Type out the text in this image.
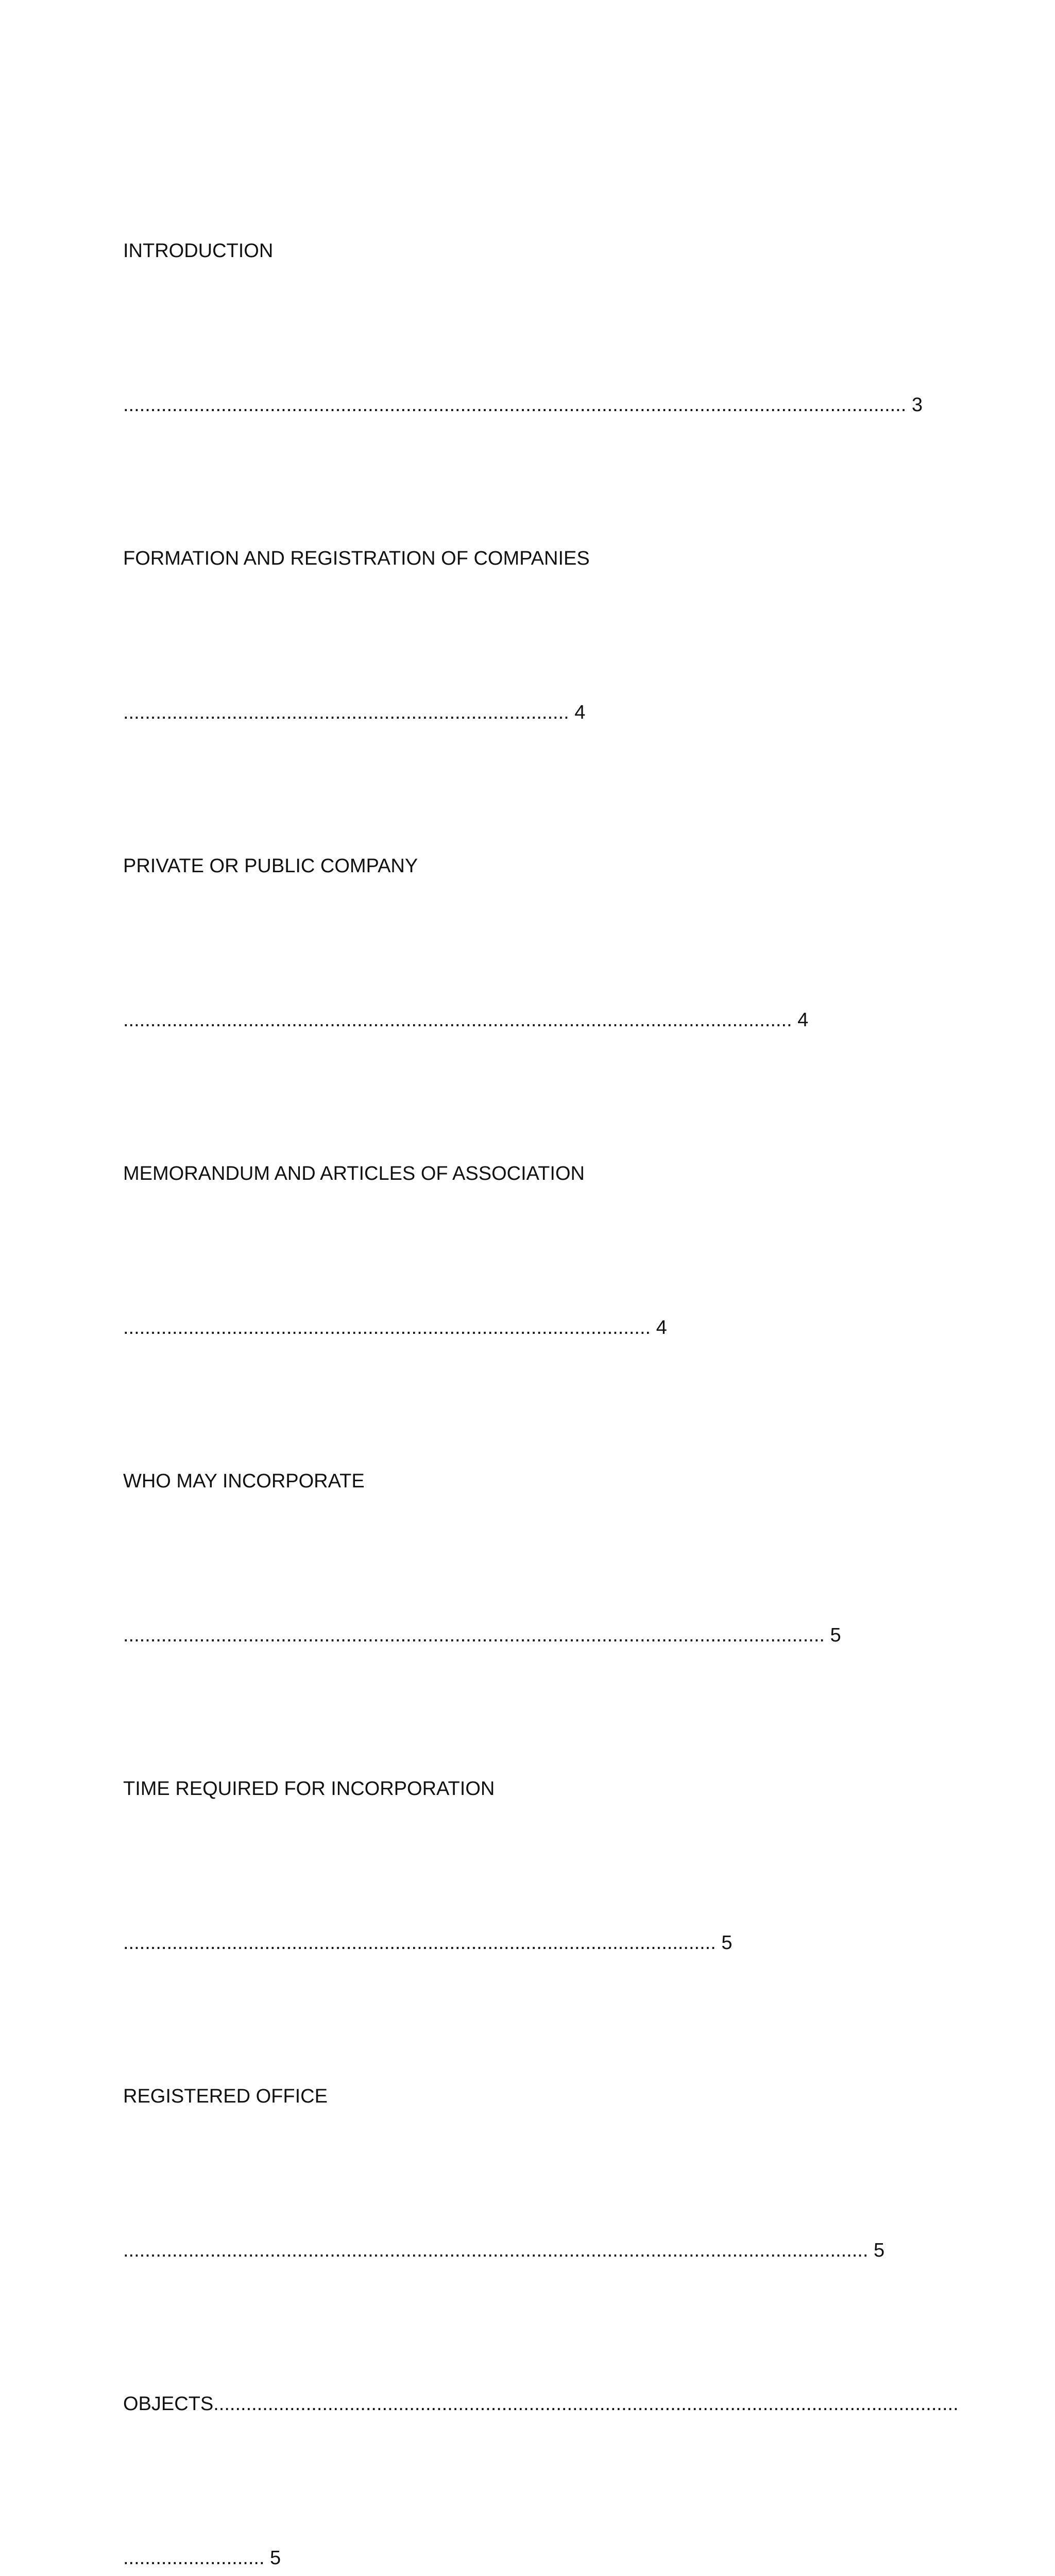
INTRODUCTION

................................................................................................................................................ 3

FORMATION AND REGISTRATION OF COMPANIES

.................................................................................. 4

PRIVATE OR PUBLIC COMPANY

........................................................................................................................... 4

MEMORANDUM AND ARTICLES OF ASSOCIATION

................................................................................................. 4

WHO MAY INCORPORATE

................................................................................................................................. 5

TIME REQUIRED FOR INCORPORATION

............................................................................................................. 5

REGISTERED OFFICE

......................................................................................................................................... 5

OBJECTS.........................................................................................................................................

.......................... 5
